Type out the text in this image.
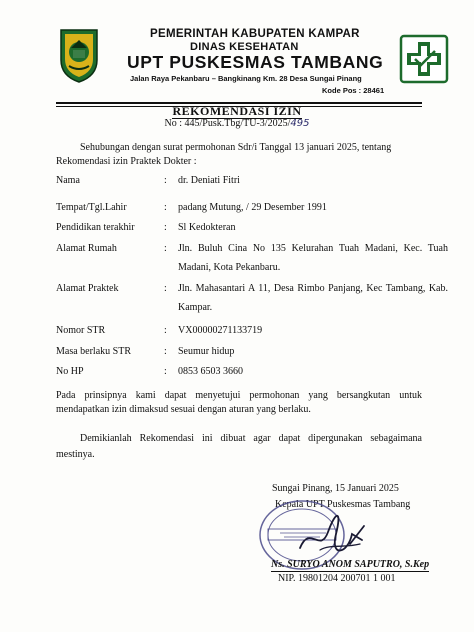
PEMERINTAH KABUPATEN KAMPAR
DINAS KESEHATAN
UPT PUSKESMAS TAMBANG
Jalan Raya Pekanbaru – Bangkinang Km. 28 Desa Sungai Pinang
Kode Pos : 28461
REKOMENDASI IZIN
No : 445/Pusk.Tbg/TU-3/2025/495
Sehubungan dengan surat permohonan Sdr/i Tanggal 13 januari 2025, tentang
Rekomendasi izin Praktek Dokter :
Nama	: dr. Deniati Fitri
Tempat/Tgl.Lahir	: padang Mutung, / 29 Desember 1991
Pendidikan terakhir	: Sl Kedokteran
Alamat Rumah	: Jln. Buluh Cina No 135 Kelurahan Tuah Madani, Kec. Tuah Madani, Kota Pekanbaru.
Alamat Praktek	: Jln. Mahasantari A 11, Desa Rimbo Panjang, Kec Tambang, Kab. Kampar.
Nomor STR	: VX00000271133719
Masa berlaku STR	: Seumur hidup
No HP	: 0853 6503 3660
Pada prinsipnya kami dapat menyetujui permohonan yang bersangkutan untuk mendapatkan izin dimaksud sesuai dengan aturan yang berlaku.
Demikianlah Rekomendasi ini dibuat agar dapat dipergunakan sebagaimana mestinya.
Sungai Pinang, 15 Januari 2025
Kepala UPT Puskesmas Tambang
Ns. SURYO ANOM SAPUTRO, S.Kep
NIP. 19801204 200701 1 001
